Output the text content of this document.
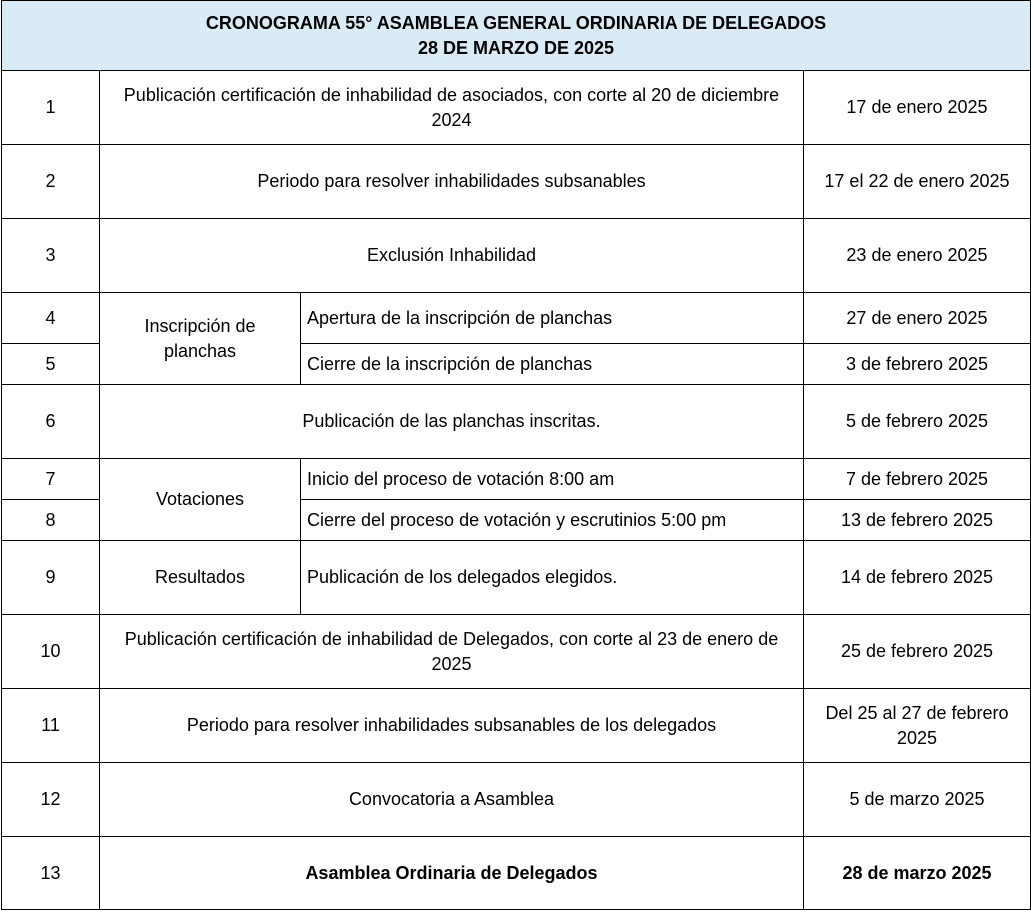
CRONOGRAMA 55° ASAMBLEA GENERAL ORDINARIA DE DELEGADOS
28 DE MARZO DE 2025			

1	Publicación certificación de inhabilidad de asociados, con corte al 20 de diciembre 2024		17 de enero 2025
2	Periodo para resolver inhabilidades subsanables		17 el 22 de enero 2025
3	Exclusión Inhabilidad		23 de enero 2025
4	Inscripción de planchas	Apertura de la inscripción de planchas	27 de enero 2025
5		Cierre de la inscripción de planchas	3 de febrero 2025
6	Publicación de las planchas inscritas.		5 de febrero 2025
7	Votaciones	Inicio del proceso de votación 8:00 am	7 de febrero 2025
8		Cierre del proceso de votación y escrutinios 5:00 pm	13 de febrero 2025
9	Resultados	Publicación de los delegados elegidos.	14 de febrero 2025
10	Publicación certificación de inhabilidad de Delegados, con corte al 23 de enero de 2025		25 de febrero 2025
11	Periodo para resolver inhabilidades subsanables de los delegados		Del 25 al 27 de febrero 2025
12	Convocatoria a Asamblea		5 de marzo 2025
13	Asamblea Ordinaria de Delegados		28 de marzo 2025
